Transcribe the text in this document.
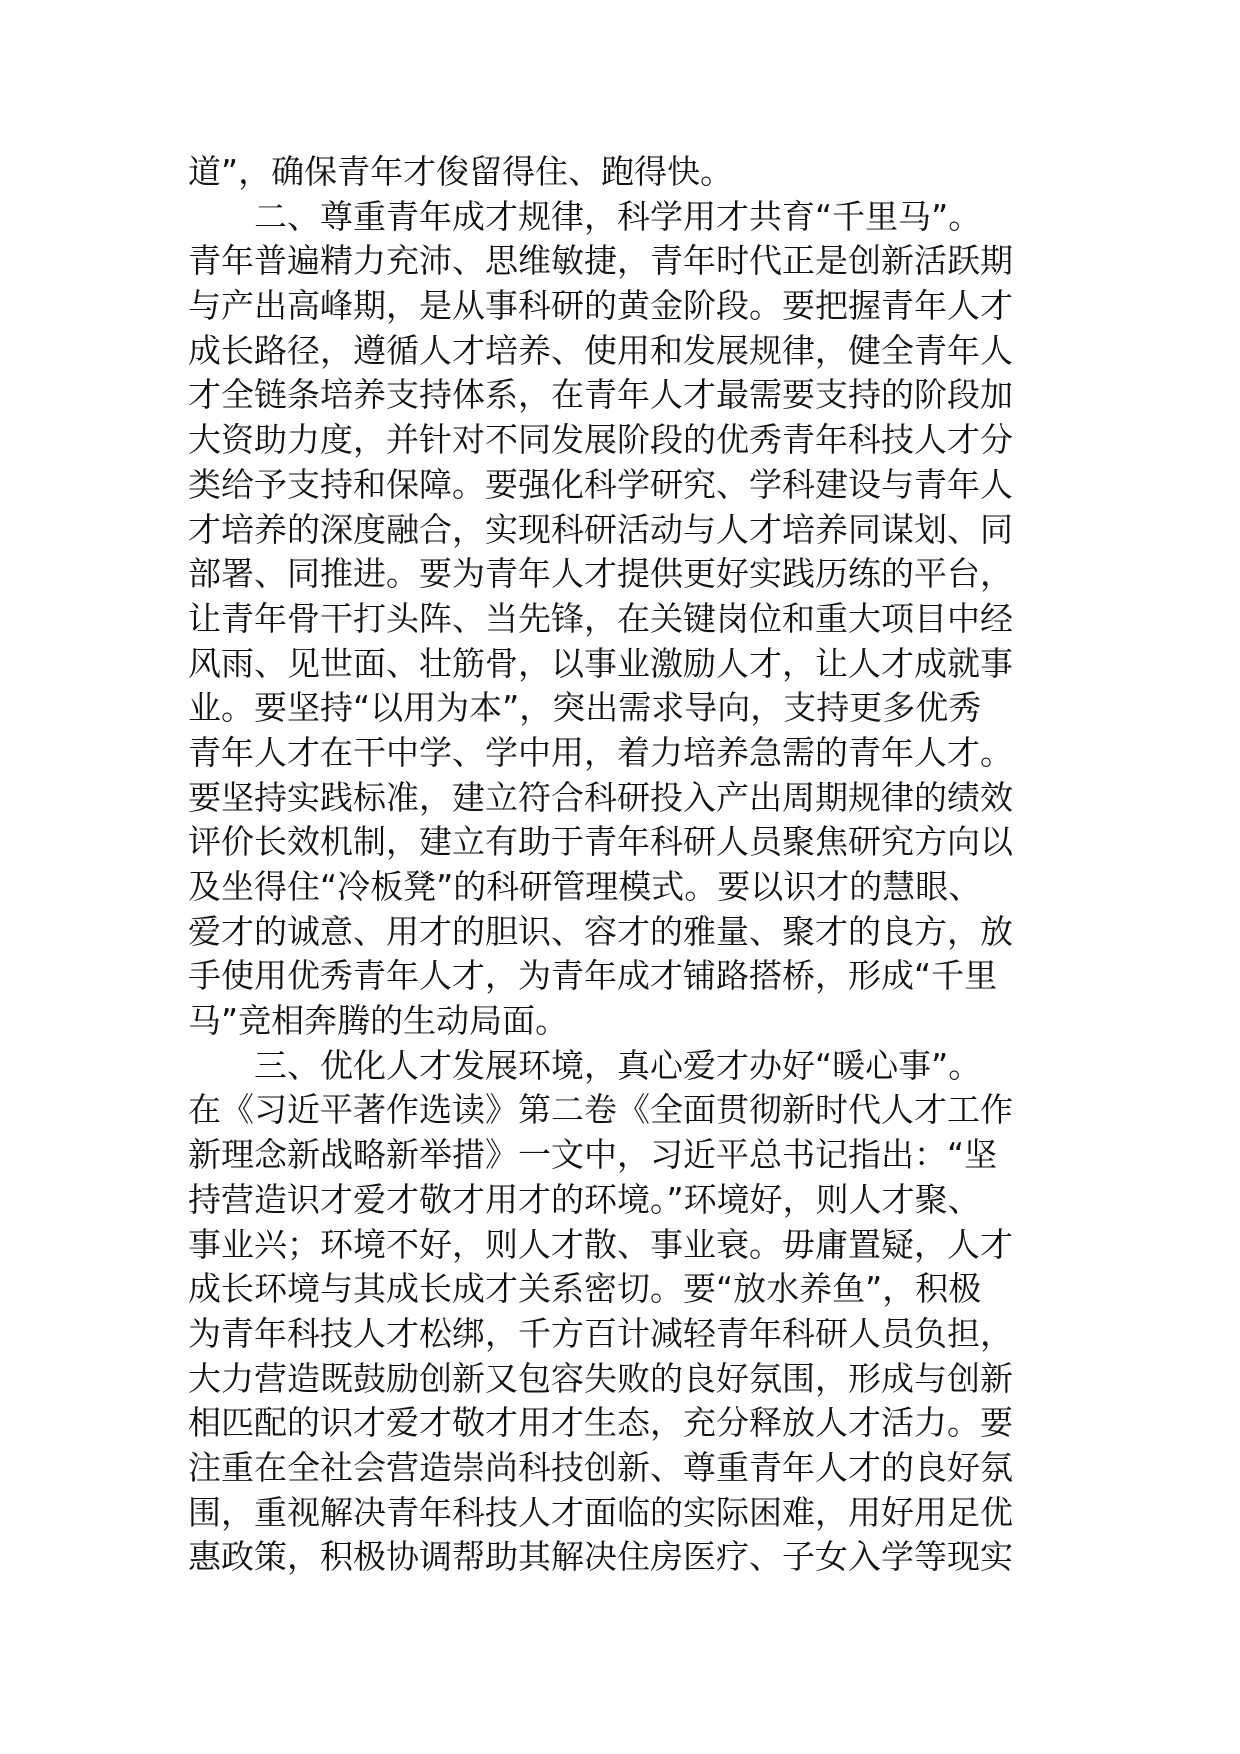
道”，确保青年才俊留得住、跑得快。
　　二、尊重青年成才规律，科学用才共育“千里马”。
青年普遍精力充沛、思维敏捷，青年时代正是创新活跃期
与产出高峰期，是从事科研的黄金阶段。要把握青年人才
成长路径，遵循人才培养、使用和发展规律，健全青年人
才全链条培养支持体系，在青年人才最需要支持的阶段加
大资助力度，并针对不同发展阶段的优秀青年科技人才分
类给予支持和保障。要强化科学研究、学科建设与青年人
才培养的深度融合，实现科研活动与人才培养同谋划、同
部署、同推进。要为青年人才提供更好实践历练的平台，
让青年骨干打头阵、当先锋，在关键岗位和重大项目中经
风雨、见世面、壮筋骨，以事业激励人才，让人才成就事
业。要坚持“以用为本”，突出需求导向，支持更多优秀
青年人才在干中学、学中用，着力培养急需的青年人才。
要坚持实践标准，建立符合科研投入产出周期规律的绩效
评价长效机制，建立有助于青年科研人员聚焦研究方向以
及坐得住“冷板凳”的科研管理模式。要以识才的慧眼、
爱才的诚意、用才的胆识、容才的雅量、聚才的良方，放
手使用优秀青年人才，为青年成才铺路搭桥，形成“千里
马”竞相奔腾的生动局面。
　　三、优化人才发展环境，真心爱才办好“暖心事”。
在《习近平著作选读》第二卷《全面贯彻新时代人才工作
新理念新战略新举措》一文中，习近平总书记指出：“坚
持营造识才爱才敬才用才的环境。”环境好，则人才聚、
事业兴；环境不好，则人才散、事业衰。毋庸置疑，人才
成长环境与其成长成才关系密切。要“放水养鱼”，积极
为青年科技人才松绑，千方百计减轻青年科研人员负担，
大力营造既鼓励创新又包容失败的良好氛围，形成与创新
相匹配的识才爱才敬才用才生态，充分释放人才活力。要
注重在全社会营造崇尚科技创新、尊重青年人才的良好氛
围，重视解决青年科技人才面临的实际困难，用好用足优
惠政策，积极协调帮助其解决住房医疗、子女入学等现实
